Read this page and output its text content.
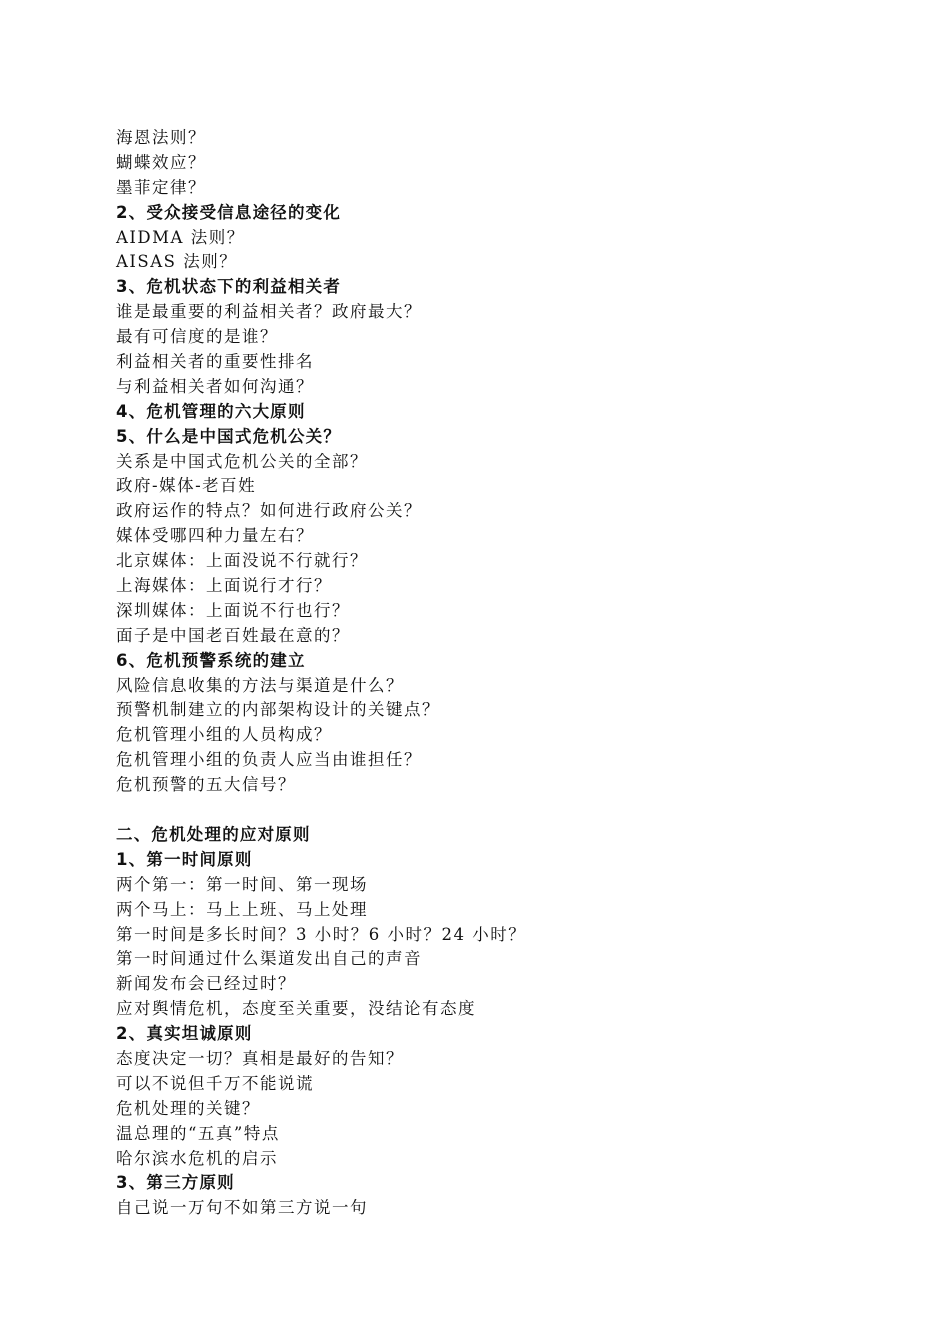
海恩法则？
蝴蝶效应？
墨菲定律？
2、受众接受信息途径的变化
AIDMA 法则？
AISAS 法则？
3、危机状态下的利益相关者
谁是最重要的利益相关者？政府最大？
最有可信度的是谁？
利益相关者的重要性排名
与利益相关者如何沟通？
4、危机管理的六大原则
5、什么是中国式危机公关？
关系是中国式危机公关的全部？
政府-媒体-老百姓
政府运作的特点？如何进行政府公关？
媒体受哪四种力量左右？
北京媒体：上面没说不行就行？
上海媒体：上面说行才行？
深圳媒体：上面说不行也行？
面子是中国老百姓最在意的？
6、危机预警系统的建立
风险信息收集的方法与渠道是什么？
预警机制建立的内部架构设计的关键点？
危机管理小组的人员构成？
危机管理小组的负责人应当由谁担任？
危机预警的五大信号？
二、危机处理的应对原则
1、第一时间原则
两个第一：第一时间、第一现场
两个马上：马上上班、马上处理
第一时间是多长时间？3 小时？6 小时？24 小时？
第一时间通过什么渠道发出自己的声音
新闻发布会已经过时？
应对舆情危机，态度至关重要，没结论有态度
2、真实坦诚原则
态度决定一切？真相是最好的告知？
可以不说但千万不能说谎
危机处理的关键？
温总理的“五真”特点
哈尔滨水危机的启示
3、第三方原则
自己说一万句不如第三方说一句
